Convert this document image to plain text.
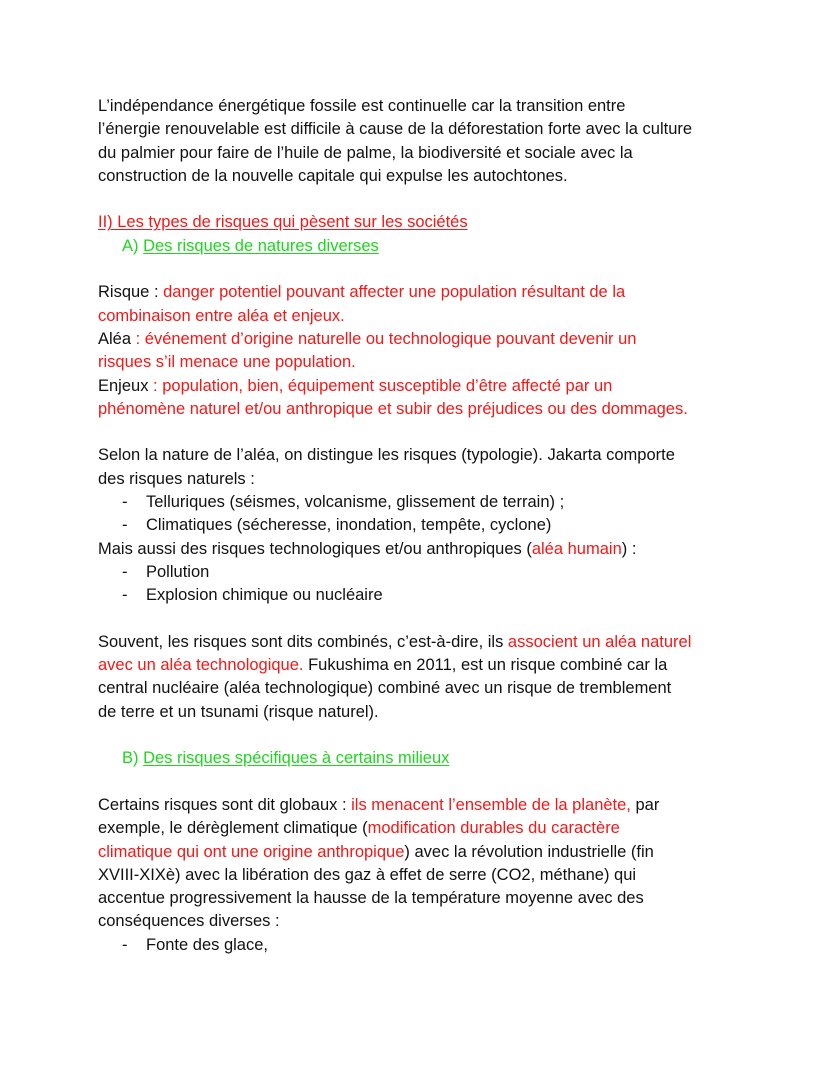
L’indépendance énergétique fossile est continuelle car la transition entre
l’énergie renouvelable est difficile à cause de la déforestation forte avec la culture
du palmier pour faire de l’huile de palme, la biodiversité et sociale avec la
construction de la nouvelle capitale qui expulse les autochtones.
II) Les types de risques qui pèsent sur les sociétés
A) Des risques de natures diverses
Risque : danger potentiel pouvant affecter une population résultant de la
combinaison entre aléa et enjeux.
Aléa : événement d’origine naturelle ou technologique pouvant devenir un
risques s’il menace une population.
Enjeux : population, bien, équipement susceptible d’être affecté par un
phénomène naturel et/ou anthropique et subir des préjudices ou des dommages.
Selon la nature de l’aléa, on distingue les risques (typologie). Jakarta comporte
des risques naturels :
- Telluriques (séismes, volcanisme, glissement de terrain) ;
- Climatiques (sécheresse, inondation, tempête, cyclone)
Mais aussi des risques technologiques et/ou anthropiques (aléa humain) :
- Pollution
- Explosion chimique ou nucléaire
Souvent, les risques sont dits combinés, c’est-à-dire, ils associent un aléa naturel
avec un aléa technologique. Fukushima en 2011, est un risque combiné car la
central nucléaire (aléa technologique) combiné avec un risque de tremblement
de terre et un tsunami (risque naturel).
B) Des risques spécifiques à certains milieux
Certains risques sont dit globaux : ils menacent l’ensemble de la planète, par
exemple, le dérèglement climatique (modification durables du caractère
climatique qui ont une origine anthropique) avec la révolution industrielle (fin
XVIII-XIXè) avec la libération des gaz à effet de serre (CO2, méthane) qui
accentue progressivement la hausse de la température moyenne avec des
conséquences diverses :
- Fonte des glace,
